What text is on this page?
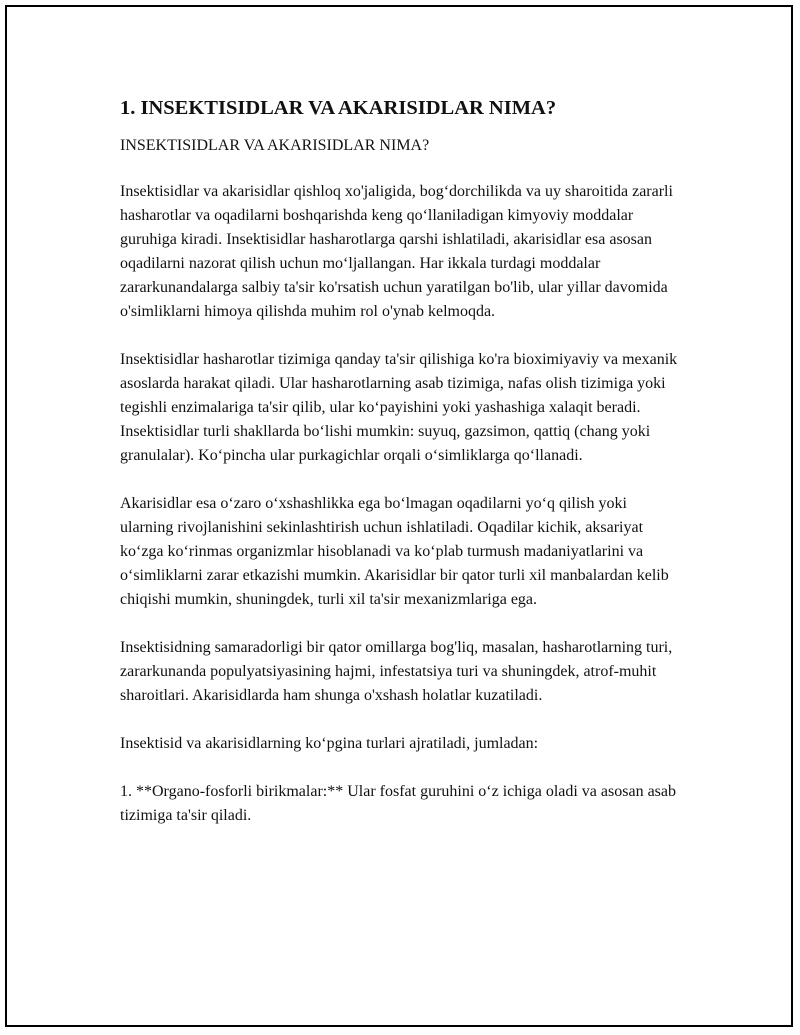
1. INSEKTISIDLAR VA AKARISIDLAR NIMA?
INSEKTISIDLAR VA AKARISIDLAR NIMA?

Insektisidlar va akarisidlar qishloq xo'jaligida, bog‘dorchilikda va uy sharoitida zararli hasharotlar va oqadilarni boshqarishda keng qo‘llaniladigan kimyoviy moddalar guruhiga kiradi. Insektisidlar hasharotlarga qarshi ishlatiladi, akarisidlar esa asosan oqadilarni nazorat qilish uchun mo‘ljallangan. Har ikkala turdagi moddalar zararkunandalarga salbiy ta'sir ko'rsatish uchun yaratilgan bo'lib, ular yillar davomida o'simliklarni himoya qilishda muhim rol o'ynab kelmoqda.

Insektisidlar hasharotlar tizimiga qanday ta'sir qilishiga ko'ra bioximiyaviy va mexanik asoslarda harakat qiladi. Ular hasharotlarning asab tizimiga, nafas olish tizimiga yoki tegishli enzimalariga ta'sir qilib, ular ko‘payishini yoki yashashiga xalaqit beradi. Insektisidlar turli shakllarda bo‘lishi mumkin: suyuq, gazsimon, qattiq (chang yoki granulalar). Ko‘pincha ular purkagichlar orqali o‘simliklarga qo‘llanadi.

Akarisidlar esa o‘zaro o‘xshashlikka ega bo‘lmagan oqadilarni yo‘q qilish yoki ularning rivojlanishini sekinlashtirish uchun ishlatiladi. Oqadilar kichik, aksariyat ko‘zga ko‘rinmas organizmlar hisoblanadi va ko‘plab turmush madaniyatlarini va o‘simliklarni zarar etkazishi mumkin. Akarisidlar bir qator turli xil manbalardan kelib chiqishi mumkin, shuningdek, turli xil ta'sir mexanizmlariga ega.

Insektisidning samaradorligi bir qator omillarga bog'liq, masalan, hasharotlarning turi, zararkunanda populyatsiyasining hajmi, infestatsiya turi va shuningdek, atrof-muhit sharoitlari. Akarisidlarda ham shunga o'xshash holatlar kuzatiladi.

Insektisid va akarisidlarning ko‘pgina turlari ajratiladi, jumladan:

1. **Organo-fosforli birikmalar:** Ular fosfat guruhini o‘z ichiga oladi va asosan asab tizimiga ta'sir qiladi.
